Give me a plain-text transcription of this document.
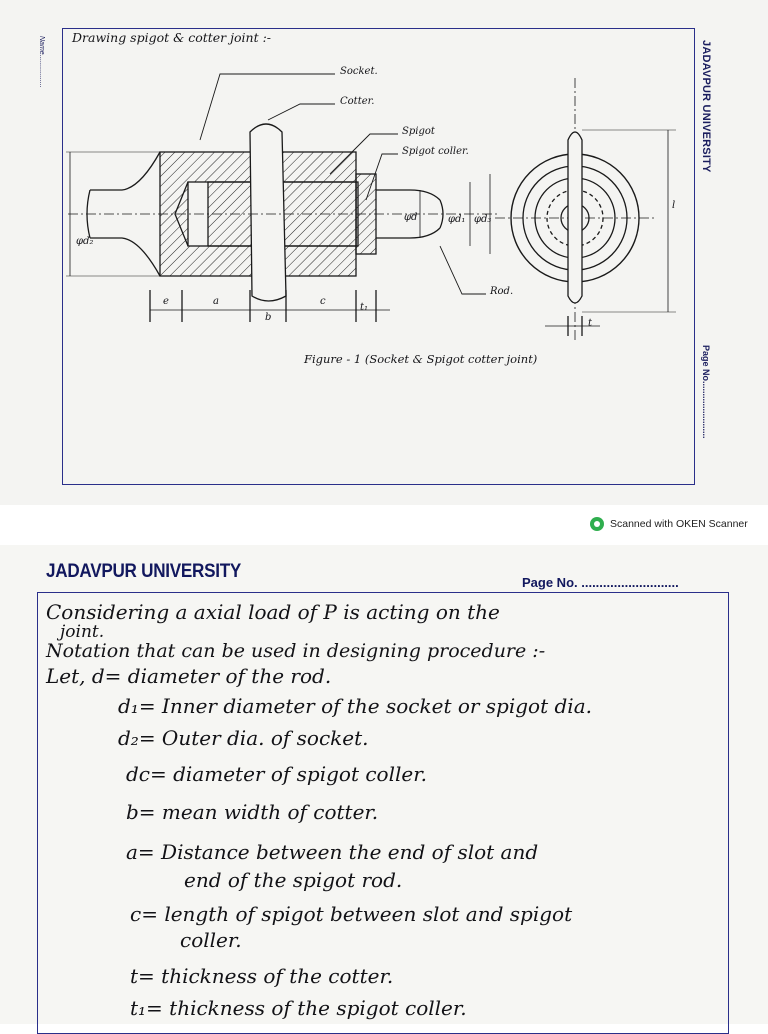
Name.................	JADAVPUR UNIVERSITY
Page No.......................
Drawing spigot & cotter joint :-
Socket.
Cotter.
Spigot
Spigot coller.
Rod.
φd₂
φd	φd₁ φd₃
e	a
b
c
t₁
t
l
Figure - 1 (Socket & Spigot cotter joint)
Scanned with OKEN Scanner
JADAVPUR UNIVERSITY
Page No. ...........................
Considering a axial load of P is acting on the
joint.
Notation that can be used in designing procedure :-
Let, d= diameter of the rod.
d₁= Inner diameter of the socket or spigot dia.
d₂= Outer dia. of socket.
dc= diameter of spigot coller.
b= mean width of cotter.
a= Distance between the end of slot and
end of the spigot rod.
c= length of spigot between slot and spigot
coller.
t= thickness of the cotter.
t₁= thickness of the spigot coller.
